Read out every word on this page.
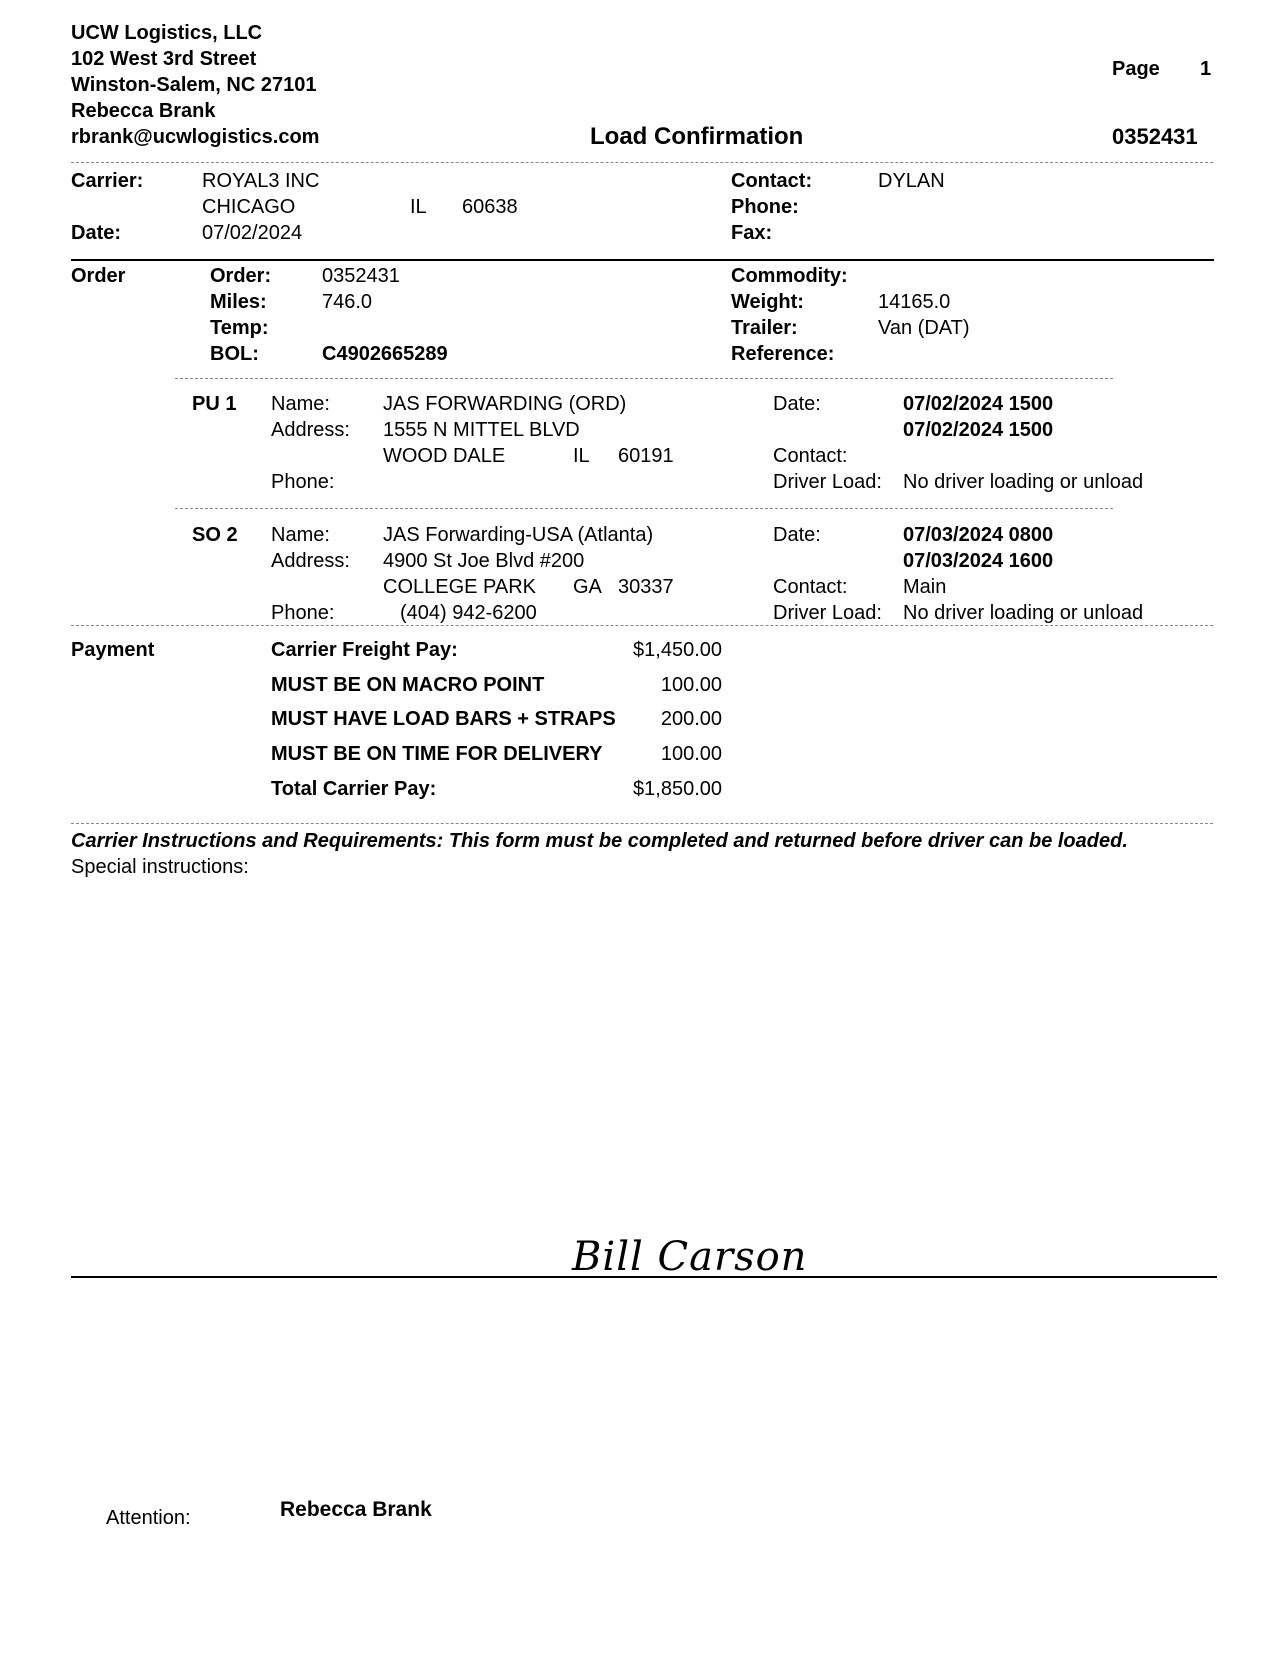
UCW Logistics, LLC
102 West 3rd Street
Winston-Salem, NC 27101
Rebecca Brank
rbrank@ucwlogistics.com
Page 1
Load Confirmation	0352431
Carrier:	ROYAL3 INC
CHICAGO	IL 60638
Date:	07/02/2024
Contact:	DYLAN
Phone:
Fax:
Order	Order:	0352431
Miles:	746.0
Temp:
BOL:	C4902665289
Commodity:
Weight:	14165.0
Trailer:	Van (DAT)
Reference:
PU 1 Name:	JAS FORWARDING (ORD)
Address: 1555 N MITTEL BLVD
WOOD DALE	IL 60191
Phone:
Date:	07/02/2024 1500
07/02/2024 1500
Contact:
Driver Load: No driver loading or unload
SO 2 Name:	JAS Forwarding-USA (Atlanta)
Address: 4900 St Joe Blvd #200
COLLEGE PARK GA 30337
Phone:	(404) 942-6200
Date:	07/03/2024 0800
07/03/2024 1600
Contact:	Main
Driver Load: No driver loading or unload
Payment	Carrier Freight Pay:	$1,450.00
MUST BE ON MACRO POINT	100.00
MUST HAVE LOAD BARS + STRAPS	200.00
MUST BE ON TIME FOR DELIVERY	100.00
Total Carrier Pay:	$1,850.00
Carrier Instructions and Requirements: This form must be completed and returned before driver can be loaded.
Special instructions:
Bill Carson
Attention:	Rebecca Brank
